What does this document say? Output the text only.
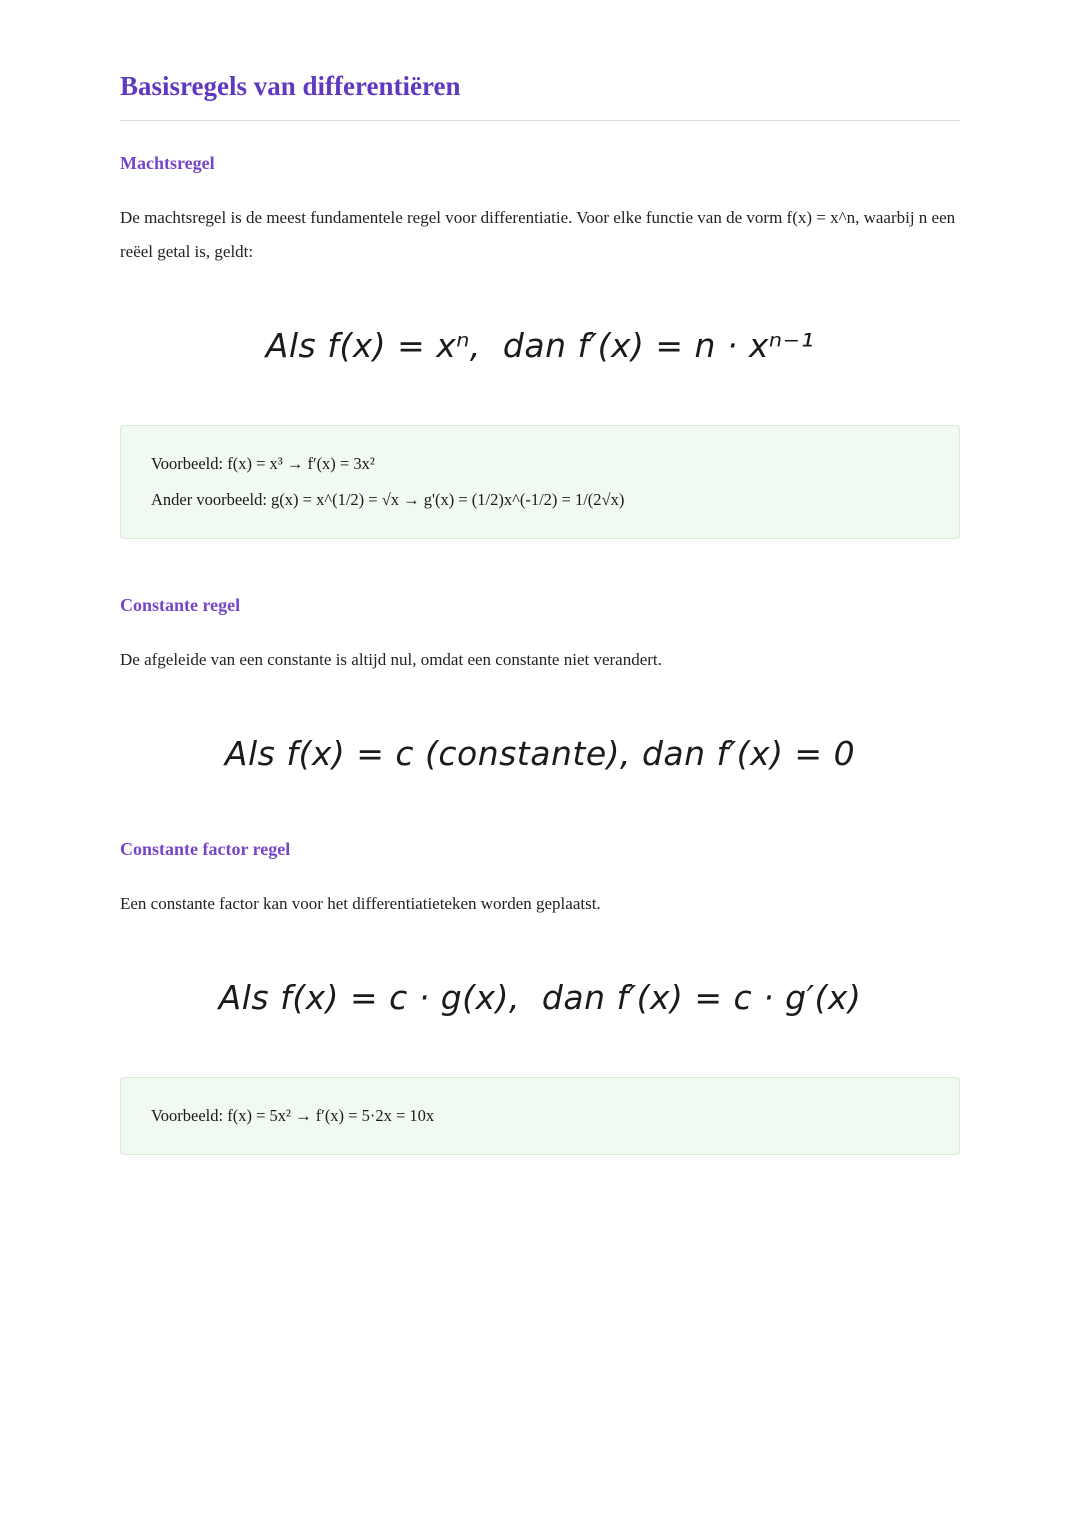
Basisregels van differentiëren
Machtsregel

De machtsregel is de meest fundamentele regel voor differentiatie. Voor elke functie van de vorm f(x) = x^n, waarbij n een reëel getal is, geldt:

Als f(x) = xⁿ,  dan f′(x) = n · xⁿ⁻¹

Voorbeeld: f(x) = x³ → f′(x) = 3x²

Ander voorbeeld: g(x) = x^(1/2) = √x → g'(x) = (1/2)x^(-1/2) = 1/(2√x)

Constante regel

De afgeleide van een constante is altijd nul, omdat een constante niet verandert.

Als f(x) = c (constante), dan f′(x) = 0
Constante factor regel

Een constante factor kan voor het differentiatieteken worden geplaatst.

Als f(x) = c · g(x),  dan f′(x) = c · g′(x)

Voorbeeld: f(x) = 5x² → f′(x) = 5·2x = 10x
